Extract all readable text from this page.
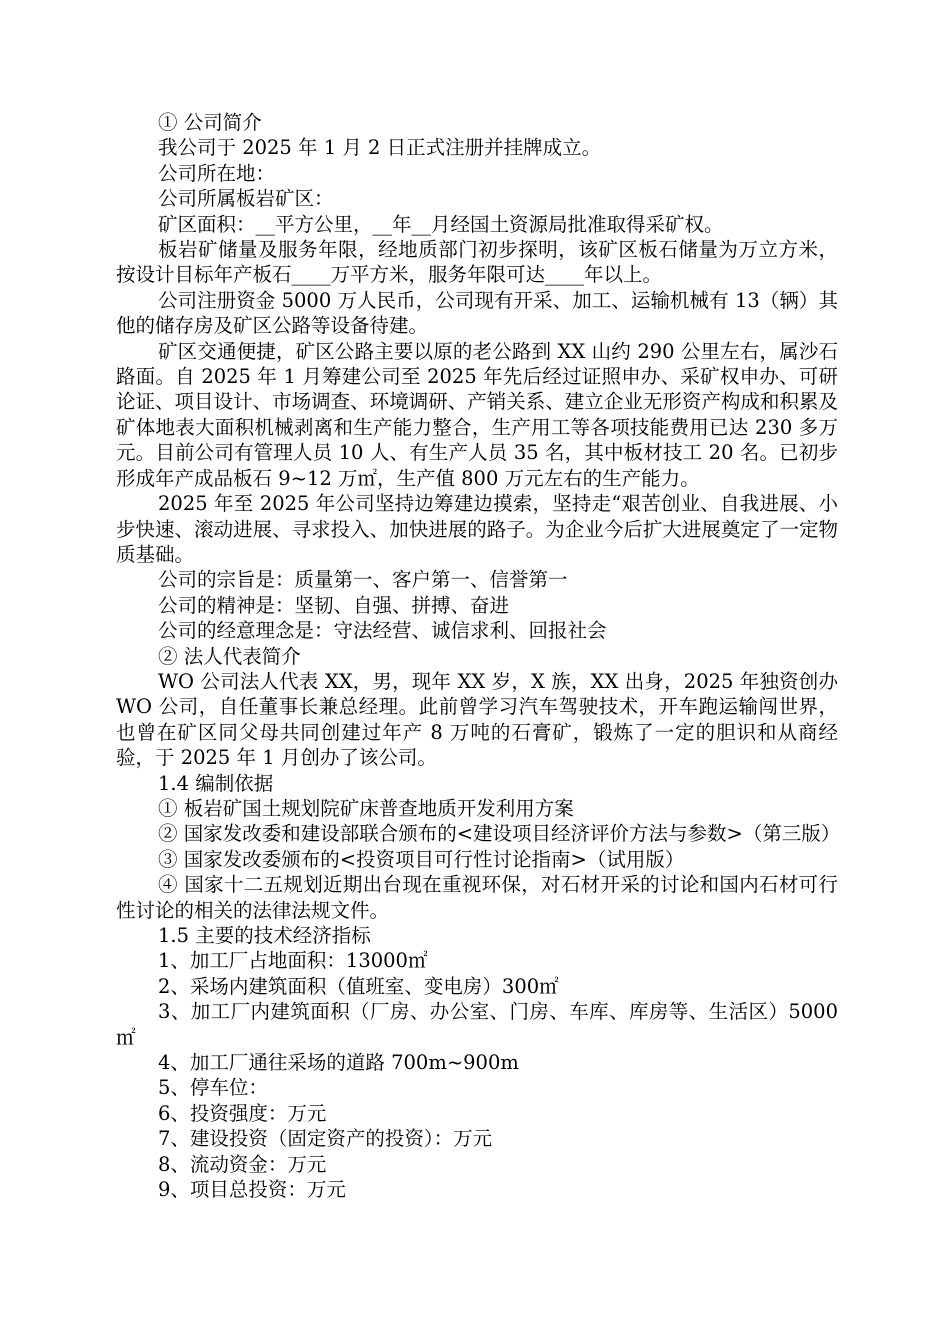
① 公司简介

我公司于 2025 年 1 月 2 日正式注册并挂牌成立。

公司所在地：

公司所属板岩矿区：

矿区面积：__平方公里，__年__月经国土资源局批准取得采矿权。

板岩矿储量及服务年限，经地质部门初步探明，该矿区板石储量为万立方米，按设计目标年产板石____万平方米，服务年限可达____年以上。

公司注册资金 5000 万人民币，公司现有开采、加工、运输机械有 13（辆）其他的储存房及矿区公路等设备待建。

矿区交通便捷，矿区公路主要以原的老公路到 XX 山约 290 公里左右，属沙石路面。自 2025 年 1 月筹建公司至 2025 年先后经过证照申办、采矿权申办、可研论证、项目设计、市场调查、环境调研、产销关系、建立企业无形资产构成和积累及矿体地表大面积机械剥离和生产能力整合，生产用工等各项技能费用已达 230 多万元。目前公司有管理人员 10 人、有生产人员 35 名，其中板材技工 20 名。已初步形成年产成品板石 9~12 万㎡，生产值 800 万元左右的生产能力。

2025 年至 2025 年公司坚持边筹建边摸索，坚持走“艰苦创业、自我进展、小步快速、滚动进展、寻求投入、加快进展的路子。为企业今后扩大进展奠定了一定物质基础。

公司的宗旨是：质量第一、客户第一、信誉第一

公司的精神是：坚韧、自强、拼搏、奋进

公司的经意理念是：守法经营、诚信求利、回报社会

② 法人代表简介

WO 公司法人代表 XX，男，现年 XX 岁，X 族，XX 出身，2025 年独资创办 WO 公司，自任董事长兼总经理。此前曾学习汽车驾驶技术，开车跑运输闯世界，也曾在矿区同父母共同创建过年产 8 万吨的石膏矿，锻炼了一定的胆识和从商经验，于 2025 年 1 月创办了该公司。

1.4 编制依据

① 板岩矿国土规划院矿床普查地质开发利用方案

② 国家发改委和建设部联合颁布的<建设项目经济评价方法与参数>（第三版）

③ 国家发改委颁布的<投资项目可行性讨论指南>（试用版）

④ 国家十二五规划近期出台现在重视环保，对石材开采的讨论和国内石材可行性讨论的相关的法律法规文件。

1.5 主要的技术经济指标

1、加工厂占地面积：13000㎡

2、采场内建筑面积（值班室、变电房）300㎡

3、加工厂内建筑面积（厂房、办公室、门房、车库、库房等、生活区）5000㎡

4、加工厂通往采场的道路 700m~900m

5、停车位：

6、投资强度：万元

7、建设投资（固定资产的投资）：万元

8、流动资金：万元

9、项目总投资：万元
